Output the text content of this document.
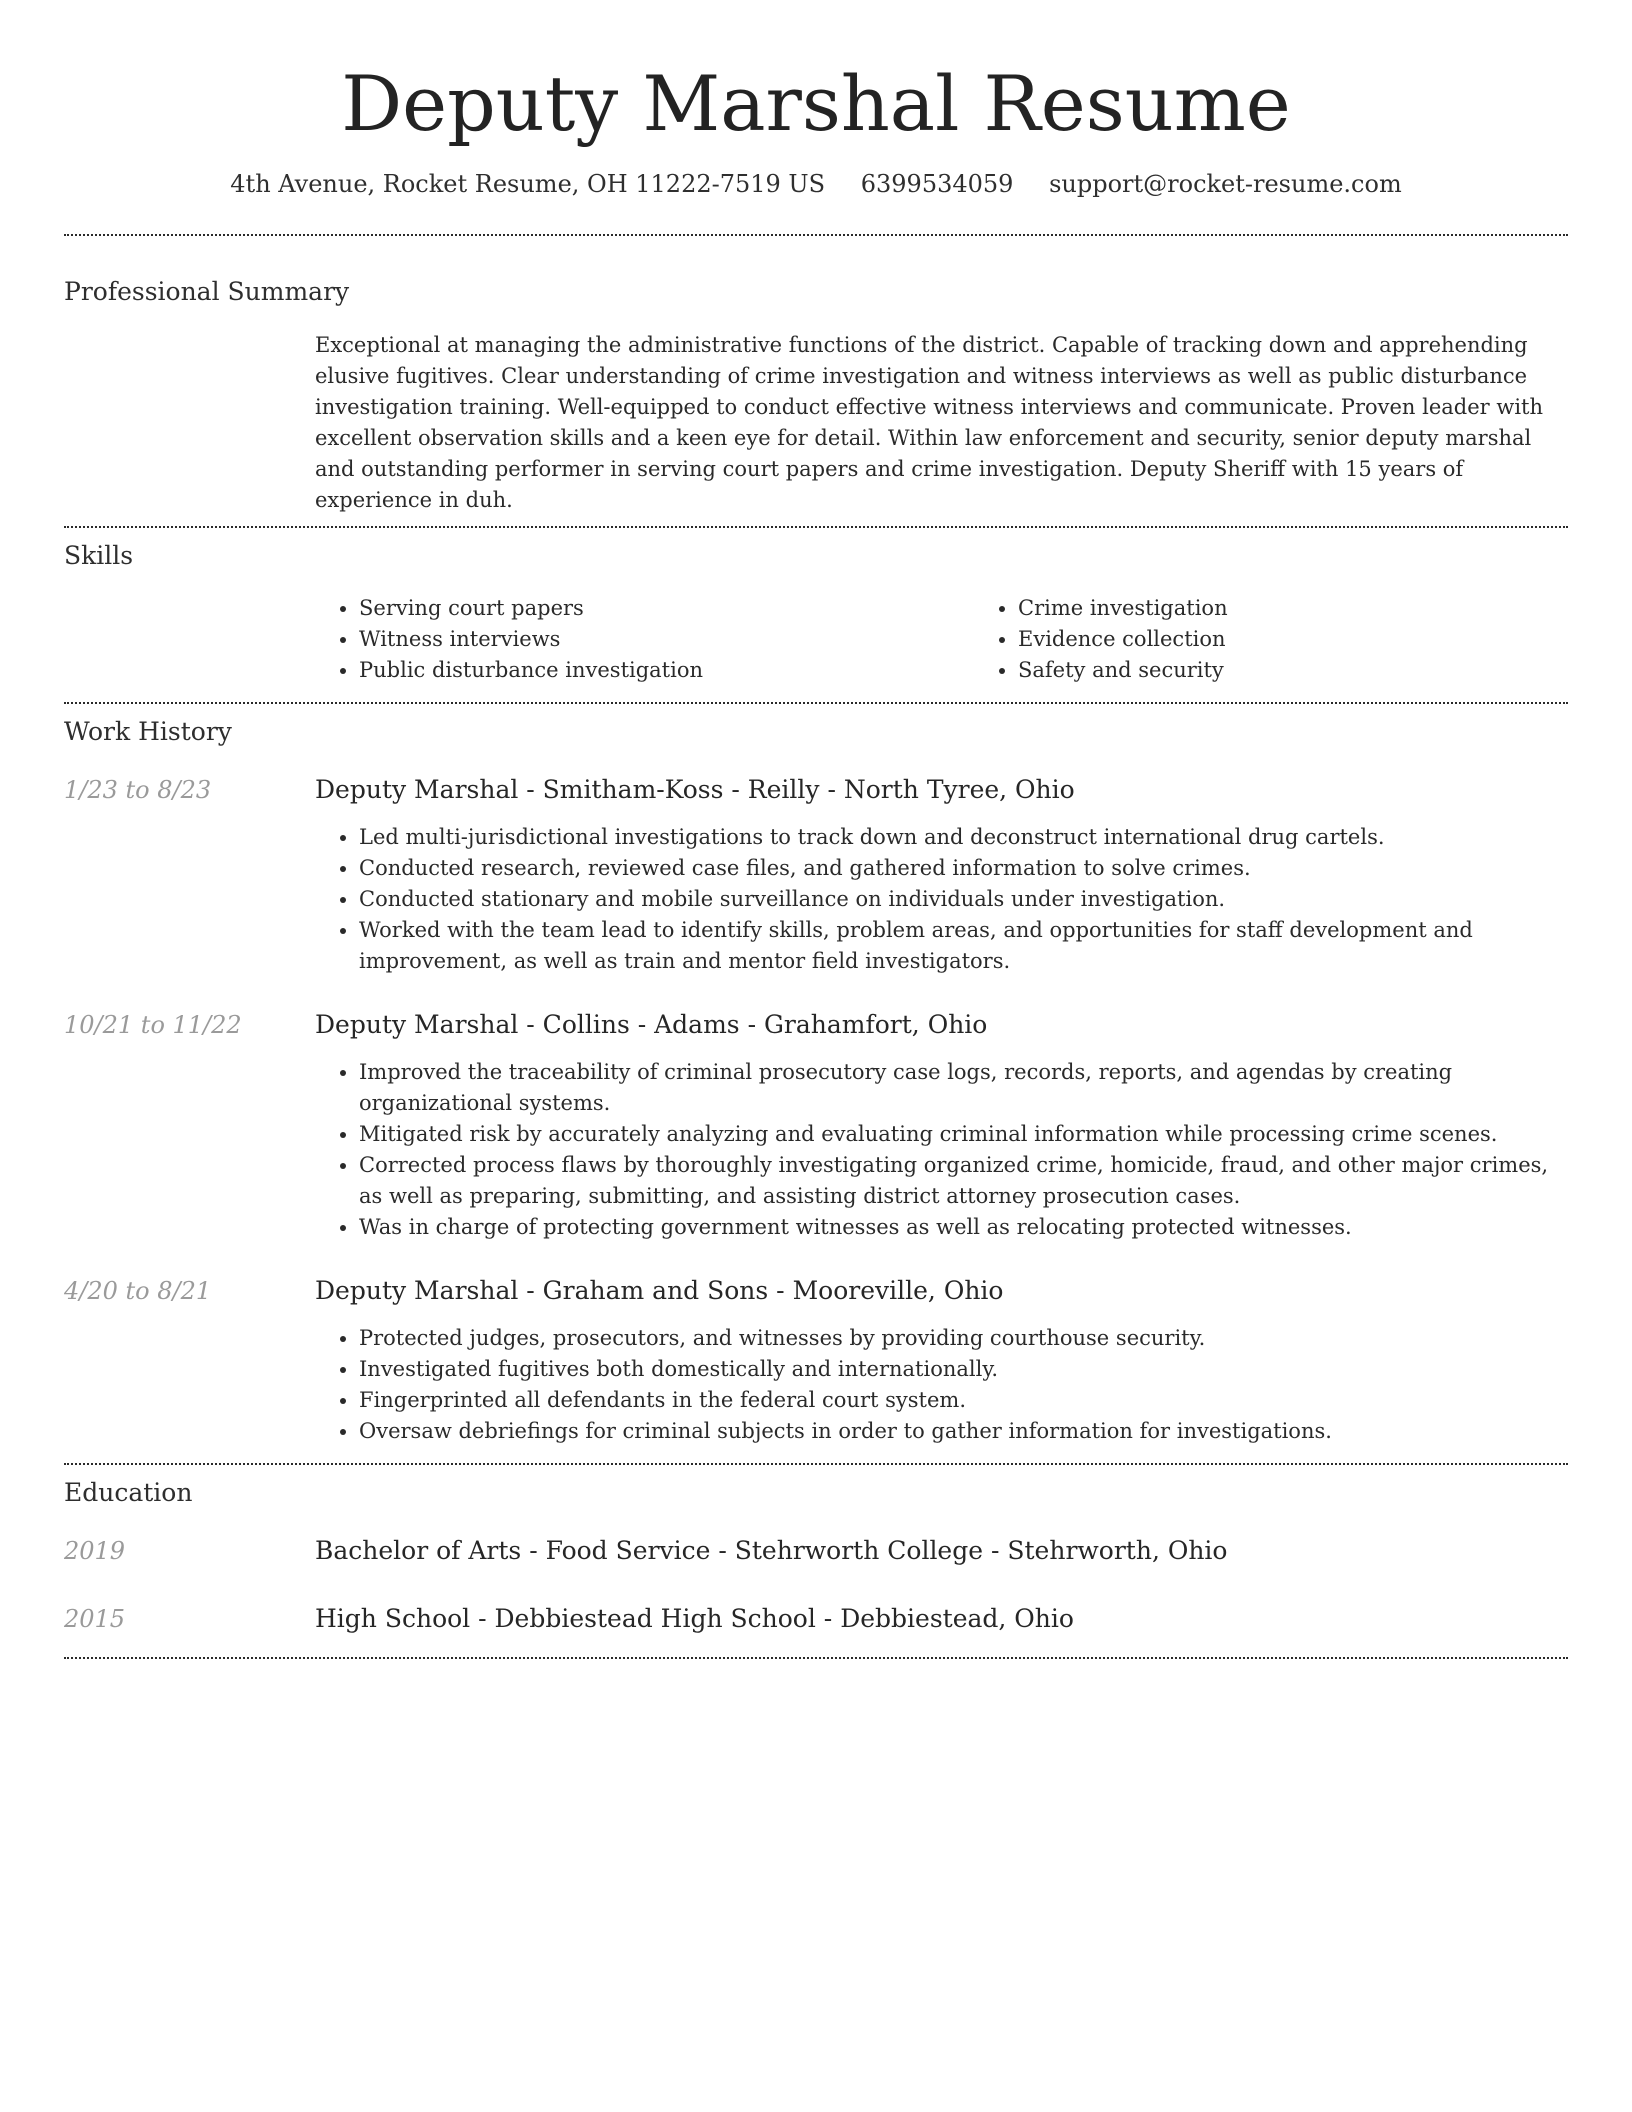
Deputy Marshal Resume
4th Avenue, Rocket Resume, OH 11222-7519 US 6399534059 support@rocket-resume.com
Professional Summary

Exceptional at managing the administrative functions of the district. Capable of tracking down and apprehending elusive fugitives. Clear understanding of crime investigation and witness interviews as well as public disturbance investigation training. Well-equipped to conduct effective witness interviews and communicate. Proven leader with excellent observation skills and a keen eye for detail. Within law enforcement and security, senior deputy marshal and outstanding performer in serving court papers and crime investigation. Deputy Sheriff with 15 years of experience in duh.

Skills
• Serving court papers
• Witness interviews
• Public disturbance investigation
• Crime investigation
• Evidence collection
• Safety and security
Work History
1/23 to 8/23	Deputy Marshal - Smitham-Koss - Reilly - North Tyree, Ohio
• Led multi-jurisdictional investigations to track down and deconstruct international drug cartels.
• Conducted research, reviewed case files, and gathered information to solve crimes.
• Conducted stationary and mobile surveillance on individuals under investigation.
• Worked with the team lead to identify skills, problem areas, and opportunities for staff development and improvement, as well as train and mentor field investigators.
10/21 to 11/22	Deputy Marshal - Collins - Adams - Grahamfort, Ohio
• Improved the traceability of criminal prosecutory case logs, records, reports, and agendas by creating organizational systems.
• Mitigated risk by accurately analyzing and evaluating criminal information while processing crime scenes.
• Corrected process flaws by thoroughly investigating organized crime, homicide, fraud, and other major crimes, as well as preparing, submitting, and assisting district attorney prosecution cases.
• Was in charge of protecting government witnesses as well as relocating protected witnesses.
4/20 to 8/21	Deputy Marshal - Graham and Sons - Mooreville, Ohio
• Protected judges, prosecutors, and witnesses by providing courthouse security.
• Investigated fugitives both domestically and internationally.
• Fingerprinted all defendants in the federal court system.
• Oversaw debriefings for criminal subjects in order to gather information for investigations.
Education
2019	Bachelor of Arts - Food Service - Stehrworth College - Stehrworth, Ohio
2015	High School - Debbiestead High School - Debbiestead, Ohio
